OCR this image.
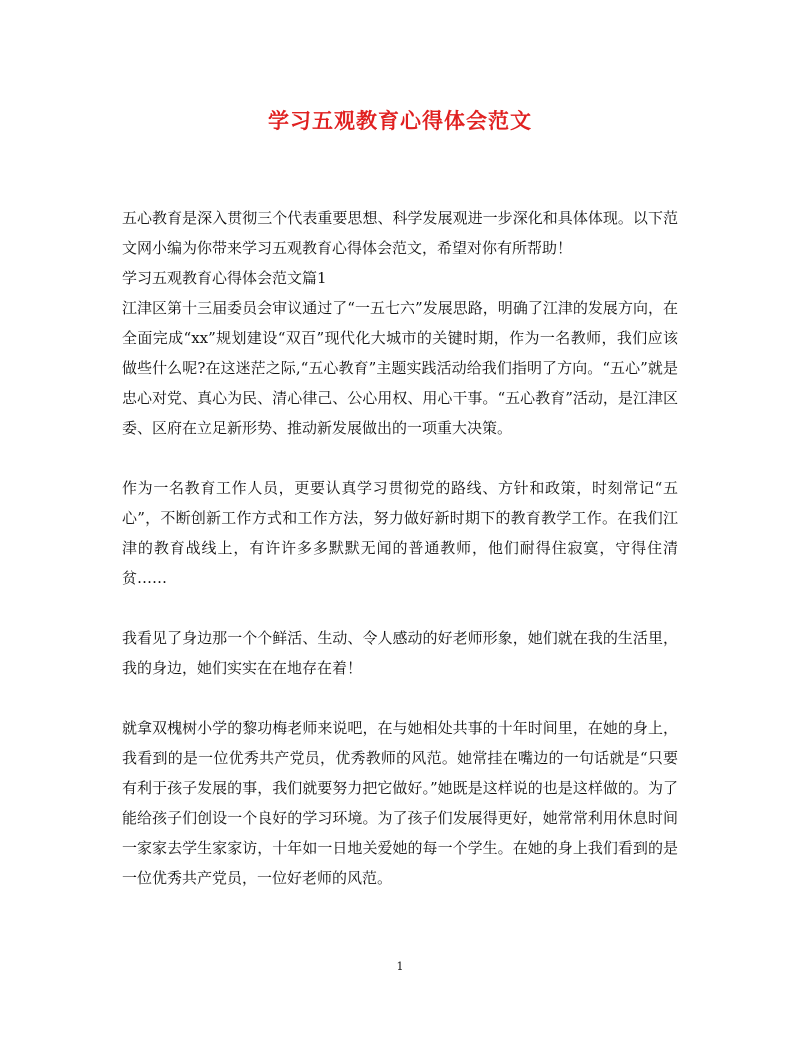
学习五观教育心得体会范文

五心教育是深入贯彻三个代表重要思想、科学发展观进一步深化和具体体现。以下范文网小编为你带来学习五观教育心得体会范文，希望对你有所帮助！

学习五观教育心得体会范文篇1

江津区第十三届委员会审议通过了“一五七六”发展思路，明确了江津的发展方向，在全面完成“xx”规划建设“双百”现代化大城市的关键时期，作为一名教师，我们应该做些什么呢?在这迷茫之际,“五心教育”主题实践活动给我们指明了方向。“五心”就是忠心对党、真心为民、清心律己、公心用权、用心干事。“五心教育”活动，是江津区委、区府在立足新形势、推动新发展做出的一项重大决策。

作为一名教育工作人员，更要认真学习贯彻党的路线、方针和政策，时刻常记“五心”，不断创新工作方式和工作方法，努力做好新时期下的教育教学工作。在我们江津的教育战线上，有许许多多默默无闻的普通教师，他们耐得住寂寞，守得住清贫……

我看见了身边那一个个鲜活、生动、令人感动的好老师形象，她们就在我的生活里，我的身边，她们实实在在地存在着！

就拿双槐树小学的黎功梅老师来说吧，在与她相处共事的十年时间里，在她的身上，我看到的是一位优秀共产党员，优秀教师的风范。她常挂在嘴边的一句话就是“只要有利于孩子发展的事，我们就要努力把它做好。”她既是这样说的也是这样做的。为了能给孩子们创设一个良好的学习环境。为了孩子们发展得更好，她常常利用休息时间一家家去学生家家访，十年如一日地关爱她的每一个学生。在她的身上我们看到的是一位优秀共产党员，一位好老师的风范。

1
